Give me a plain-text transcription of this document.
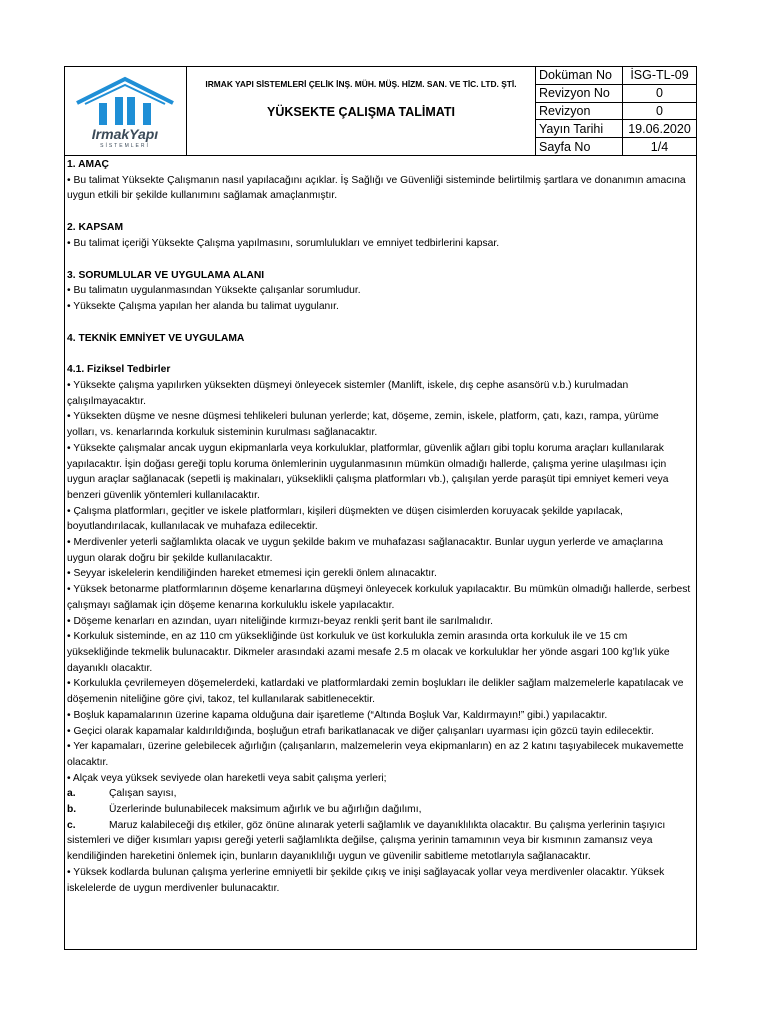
IrmakYapı
SİSTEMLERİ
IRMAK YAPI SİSTEMLERİ ÇELİK İNŞ. MÜH. MÜŞ. HİZM. SAN. VE TİC. LTD. ŞTİ.
YÜKSEKTE ÇALIŞMA TALİMATI
Doküman No	İSG-TL-09
Revizyon No	0
Revizyon	0
Yayın Tarihi	19.06.2020
Sayfa No	1/4

1. AMAÇ

• Bu talimat Yüksekte Çalışmanın nasıl yapılacağını açıklar. İş Sağlığı ve Güvenliği sisteminde belirtilmiş şartlara ve donanımın amacına uygun etkili bir şekilde kullanımını sağlamak amaçlanmıştır.

2. KAPSAM

• Bu talimat içeriği Yüksekte Çalışma yapılmasını, sorumlulukları ve emniyet tedbirlerini kapsar.

3. SORUMLULAR VE UYGULAMA ALANI

• Bu talimatın uygulanmasından Yüksekte çalışanlar sorumludur.

• Yüksekte Çalışma yapılan her alanda bu talimat uygulanır.

4. TEKNİK EMNİYET VE UYGULAMA

4.1. Fiziksel Tedbirler

• Yüksekte çalışma yapılırken yüksekten düşmeyi önleyecek sistemler (Manlift, iskele, dış cephe asansörü v.b.) kurulmadan çalışılmayacaktır.

• Yüksekten düşme ve nesne düşmesi tehlikeleri bulunan yerlerde; kat, döşeme, zemin, iskele, platform, çatı, kazı, rampa, yürüme yolları, vs. kenarlarında korkuluk sisteminin kurulması sağlanacaktır.

• Yüksekte çalışmalar ancak uygun ekipmanlarla veya korkuluklar, platformlar, güvenlik ağları gibi toplu koruma araçları kullanılarak yapılacaktır. İşin doğası gereği toplu koruma önlemlerinin uygulanmasının mümkün olmadığı hallerde, çalışma yerine ulaşılması için uygun araçlar sağlanacak (sepetli iş makinaları, yükseklikli çalışma platformları vb.), çalışılan yerde paraşüt tipi emniyet kemeri veya benzeri güvenlik yöntemleri kullanılacaktır.

• Çalışma platformları, geçitler ve iskele platformları, kişileri düşmekten ve düşen cisimlerden koruyacak şekilde yapılacak, boyutlandırılacak, kullanılacak ve muhafaza edilecektir.

• Merdivenler yeterli sağlamlıkta olacak ve uygun şekilde bakım ve muhafazası sağlanacaktır. Bunlar uygun yerlerde ve amaçlarına uygun olarak doğru bir şekilde kullanılacaktır.

• Seyyar iskelelerin kendiliğinden hareket etmemesi için gerekli önlem alınacaktır.

• Yüksek betonarme platformlarının döşeme kenarlarına düşmeyi önleyecek korkuluk yapılacaktır. Bu mümkün olmadığı hallerde, serbest çalışmayı sağlamak için döşeme kenarına korkuluklu iskele yapılacaktır.

• Döşeme kenarları en azından, uyarı niteliğinde kırmızı-beyaz renkli şerit bant ile sarılmalıdır.

• Korkuluk sisteminde, en az 110 cm yüksekliğinde üst korkuluk ve üst korkulukla zemin arasında orta korkuluk ile ve 15 cm yüksekliğinde tekmelik bulunacaktır. Dikmeler arasındaki azami mesafe 2.5 m olacak ve korkuluklar her yönde asgari 100 kg’lık yüke dayanıklı olacaktır.

• Korkulukla çevrilemeyen döşemelerdeki, katlardaki ve platformlardaki zemin boşlukları ile delikler sağlam malzemelerle kapatılacak ve döşemenin niteliğine göre çivi, takoz, tel kullanılarak sabitlenecektir.

• Boşluk kapamalarının üzerine kapama olduğuna dair işaretleme (“Altında Boşluk Var, Kaldırmayın!” gibi.) yapılacaktır.

• Geçici olarak kapamalar kaldırıldığında, boşluğun etrafı barikatlanacak ve diğer çalışanları uyarması için gözcü tayin edilecektir.

• Yer kapamaları, üzerine gelebilecek ağırlığın (çalışanların, malzemelerin veya ekipmanların) en az 2 katını taşıyabilecek mukavemette olacaktır.

• Alçak veya yüksek seviyede olan hareketli veya sabit çalışma yerleri;

a.	Çalışan sayısı,

b.	Üzerlerinde bulunabilecek maksimum ağırlık ve bu ağırlığın dağılımı,

c.	Maruz kalabileceği dış etkiler, göz önüne alınarak yeterli sağlamlık ve dayanıklılıkta olacaktır. Bu çalışma yerlerinin taşıyıcı sistemleri ve diğer kısımları yapısı gereği yeterli sağlamlıkta değilse, çalışma yerinin tamamının veya bir kısmının zamansız veya kendiliğinden hareketini önlemek için, bunların dayanıklılığı uygun ve güvenilir sabitleme metotlarıyla sağlanacaktır.

• Yüksek kodlarda bulunan çalışma yerlerine emniyetli bir şekilde çıkış ve inişi sağlayacak yollar veya merdivenler olacaktır. Yüksek iskelelerde de uygun merdivenler bulunacaktır.
